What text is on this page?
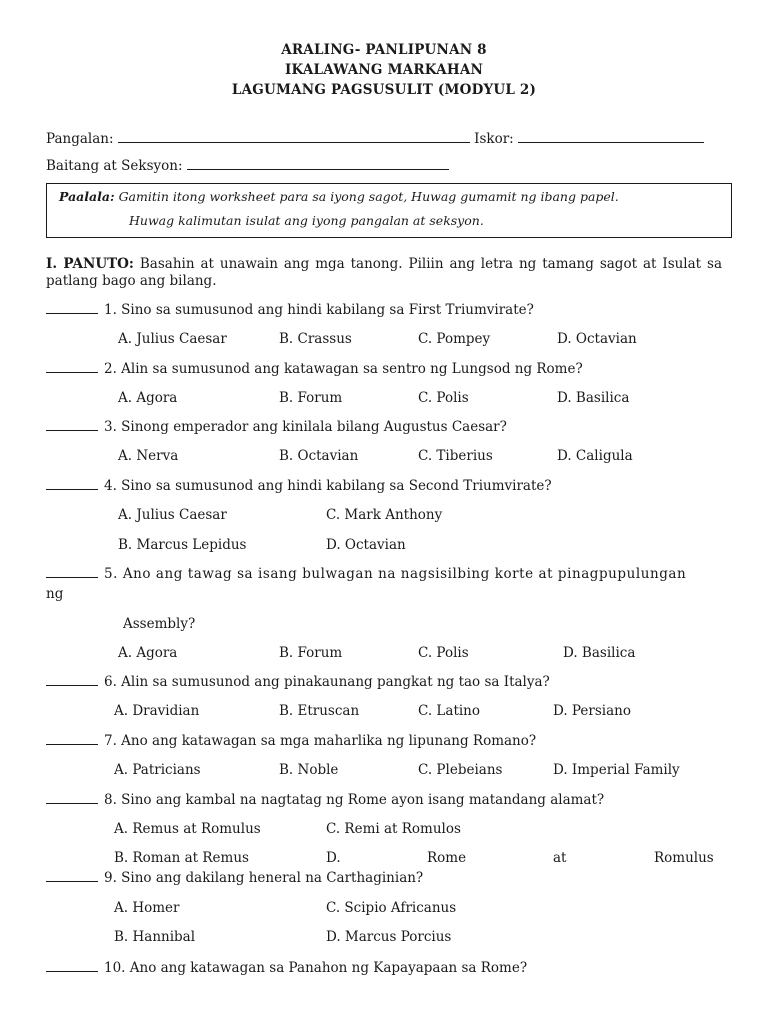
ARALING- PANLIPUNAN 8
IKALAWANG MARKAHAN
LAGUMANG PAGSUSULIT (MODYUL 2)
Pangalan:	Iskor:
Baitang at Seksyon:
Paalala: Gamitin itong worksheet para sa iyong sagot, Huwag gumamit ng ibang papel.
Huwag kalimutan isulat ang iyong pangalan at seksyon.
I. PANUTO: Basahin at unawain ang mga tanong. Piliin ang letra ng tamang sagot at Isulat sa patlang bago ang bilang.
1. Sino sa sumusunod ang hindi kabilang sa First Triumvirate?
A. Julius Caesar	B. Crassus	C. Pompey	D. Octavian
2. Alin sa sumusunod ang katawagan sa sentro ng Lungsod ng Rome?
A. Agora	B. Forum	C. Polis	D. Basilica
3. Sinong emperador ang kinilala bilang Augustus Caesar?
A. Nerva	B. Octavian	C. Tiberius	D. Caligula
4. Sino sa sumusunod ang hindi kabilang sa Second Triumvirate?
A. Julius Caesar	C. Mark Anthony
B. Marcus Lepidus	D. Octavian
5. Ano ang tawag sa isang bulwagan na nagsisilbing korte at pinagpupulungan
ng
Assembly?
A. Agora	B. Forum	C. Polis	D. Basilica
6. Alin sa sumusunod ang pinakaunang pangkat ng tao sa Italya?
A. Dravidian	B. Etruscan	C. Latino	D. Persiano
7. Ano ang katawagan sa mga maharlika ng lipunang Romano?
A. Patricians	B. Noble	C. Plebeians	D. Imperial Family
8. Sino ang kambal na nagtatag ng Rome ayon isang matandang alamat?
A. Remus at Romulus	C. Remi at Romulos
B. Roman at Remus	D.	Rome	at	Romulus
9. Sino ang dakilang heneral na Carthaginian?
A. Homer	C. Scipio Africanus
B. Hannibal	D. Marcus Porcius
10. Ano ang katawagan sa Panahon ng Kapayapaan sa Rome?
